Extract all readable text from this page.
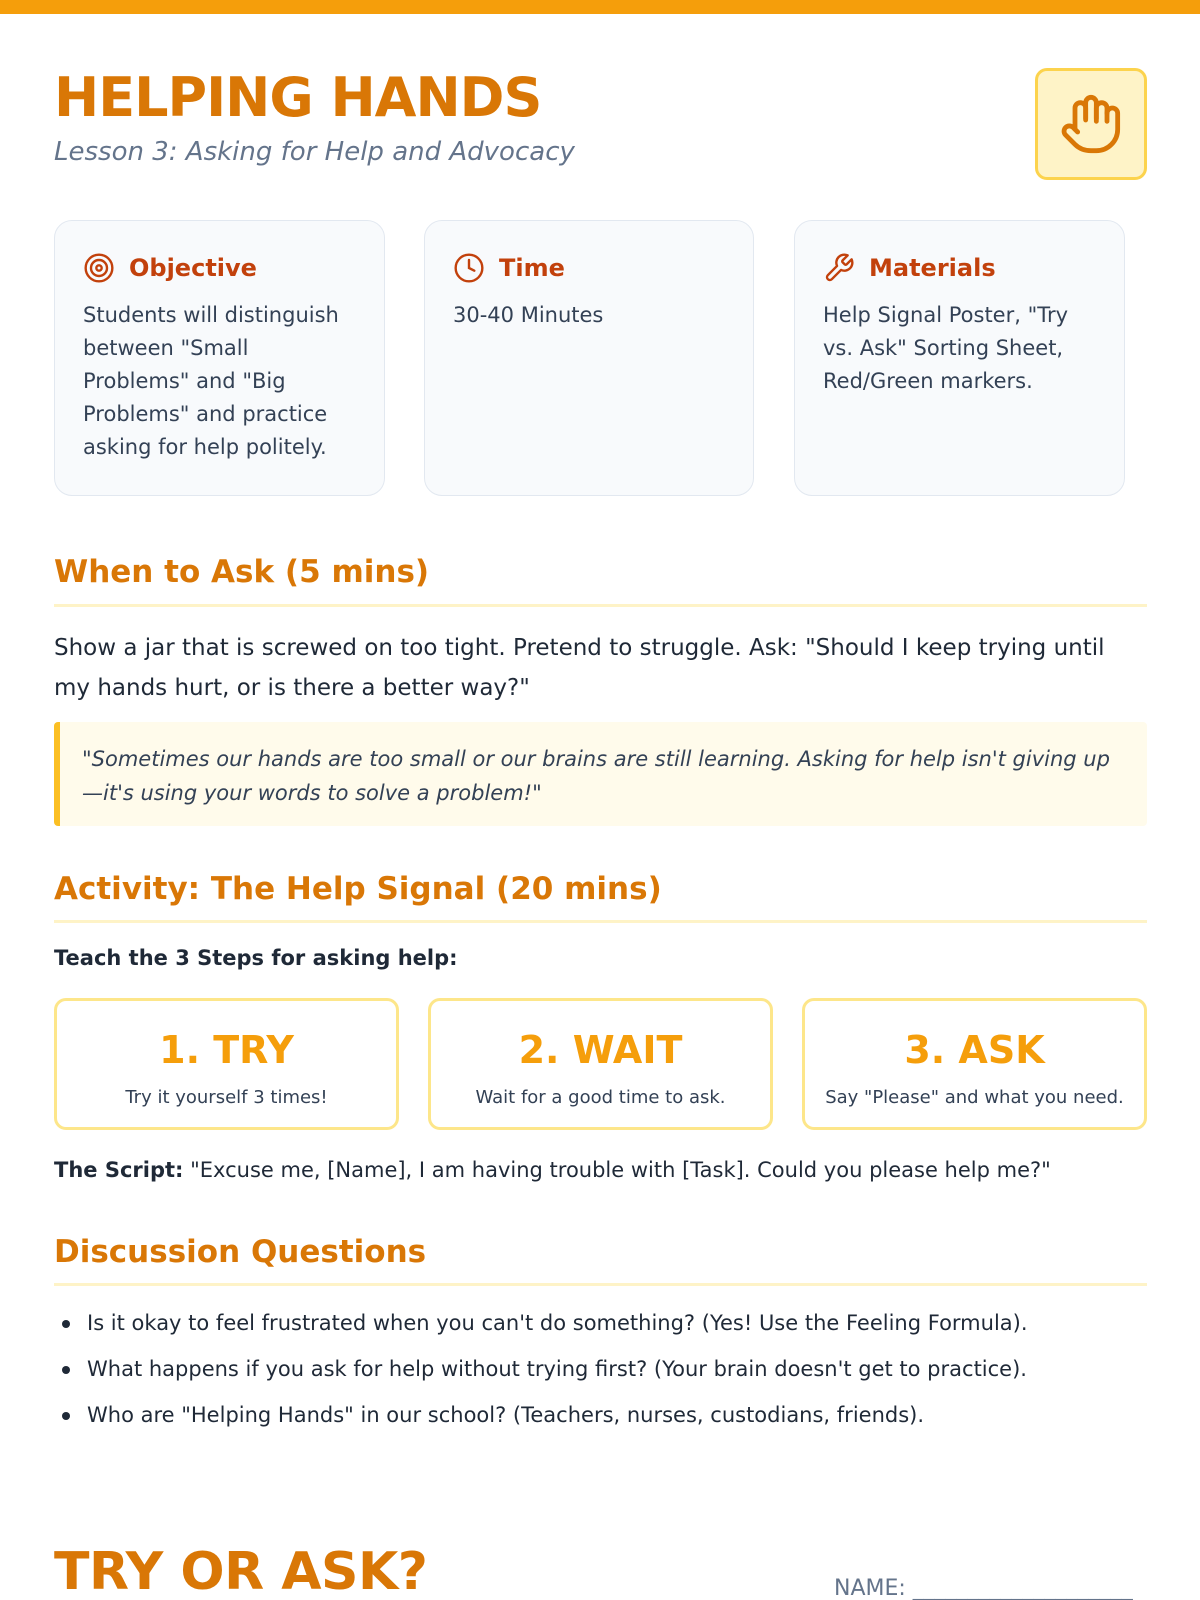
HELPING HANDS
Lesson 3: Asking for Help and Advocacy
Objective
Students will distinguish between "Small Problems" and "Big Problems" and practice asking for help politely.
Time
30-40 Minutes
Materials
Help Signal Poster, "Try vs. Ask" Sorting Sheet, Red/Green markers.
When to Ask (5 mins)

Show a jar that is screwed on too tight. Pretend to struggle. Ask: "Should I keep trying until my hands hurt, or is there a better way?"

"Sometimes our hands are too small or our brains are still learning. Asking for help isn't giving up—it's using your words to solve a problem!"
Activity: The Help Signal (20 mins)
Teach the 3 Steps for asking help:
1. TRY
Try it yourself 3 times!
2. WAIT
Wait for a good time to ask.
3. ASK
Say "Please" and what you need.

The Script: "Excuse me, [Name], I am having trouble with [Task]. Could you please help me?"

Discussion Questions
Is it okay to feel frustrated when you can't do something? (Yes! Use the Feeling Formula).
What happens if you ask for help without trying first? (Your brain doesn't get to practice).
Who are "Helping Hands" in our school? (Teachers, nurses, custodians, friends).
TRY OR ASK?	NAME: ____________________
